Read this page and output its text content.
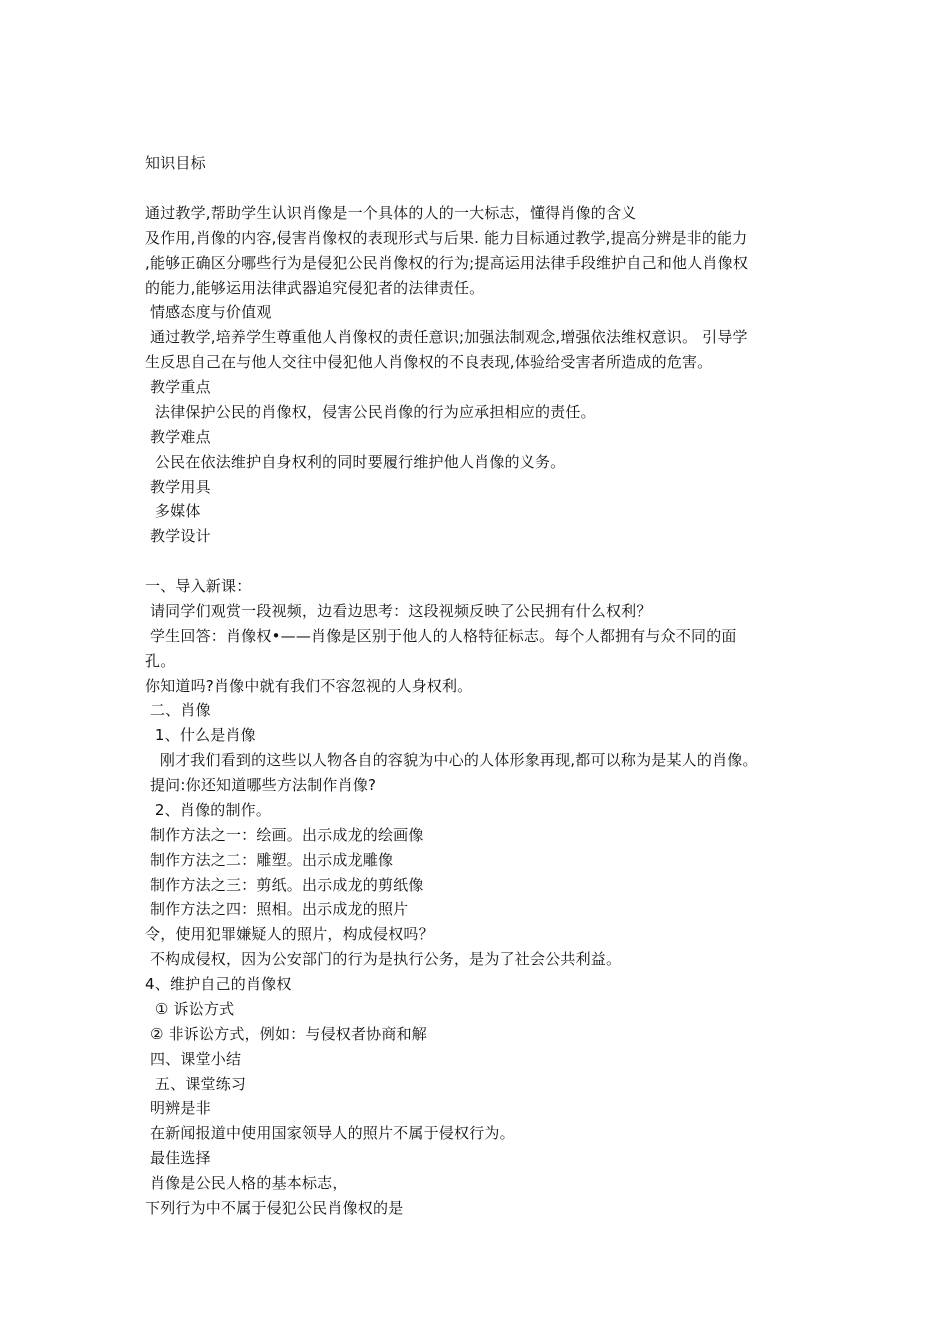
知识目标
通过教学,帮助学生认识肖像是一个具体的人的一大标志，懂得肖像的含义
及作用,肖像的内容,侵害肖像权的表现形式与后果. 能力目标通过教学,提高分辨是非的能力
,能够正确区分哪些行为是侵犯公民肖像权的行为;提高运用法律手段维护自己和他人肖像权
的能力,能够运用法律武器追究侵犯者的法律责任。
情感态度与价值观
通过教学,培养学生尊重他人肖像权的责任意识;加强法制观念,增强依法维权意识。 引导学
生反思自己在与他人交往中侵犯他人肖像权的不良表现,体验给受害者所造成的危害。
教学重点
法律保护公民的肖像权，侵害公民肖像的行为应承担相应的责任。
教学难点
公民在依法维护自身权利的同时要履行维护他人肖像的义务。
教学用具
多媒体
教学设计
一、导入新课：
请同学们观赏一段视频，边看边思考：这段视频反映了公民拥有什么权利？
学生回答：肖像权•——肖像是区别于他人的人格特征标志。每个人都拥有与众不同的面
孔。
你知道吗?肖像中就有我们不容忽视的人身权利。
二、肖像
1、什么是肖像
刚才我们看到的这些以人物各自的容貌为中心的人体形象再现,都可以称为是某人的肖像。
提问:你还知道哪些方法制作肖像?
2、肖像的制作。
制作方法之一：绘画。出示成龙的绘画像
制作方法之二：雕塑。出示成龙雕像
制作方法之三：剪纸。出示成龙的剪纸像
制作方法之四：照相。出示成龙的照片
令，使用犯罪嫌疑人的照片，构成侵权吗？
不构成侵权，因为公安部门的行为是执行公务，是为了社会公共利益。
4、维护自己的肖像权
① 诉讼方式
② 非诉讼方式，例如：与侵权者协商和解
四、课堂小结
五、课堂练习
明辨是非
在新闻报道中使用国家领导人的照片不属于侵权行为。
最佳选择
肖像是公民人格的基本标志，
下列行为中不属于侵犯公民肖像权的是
